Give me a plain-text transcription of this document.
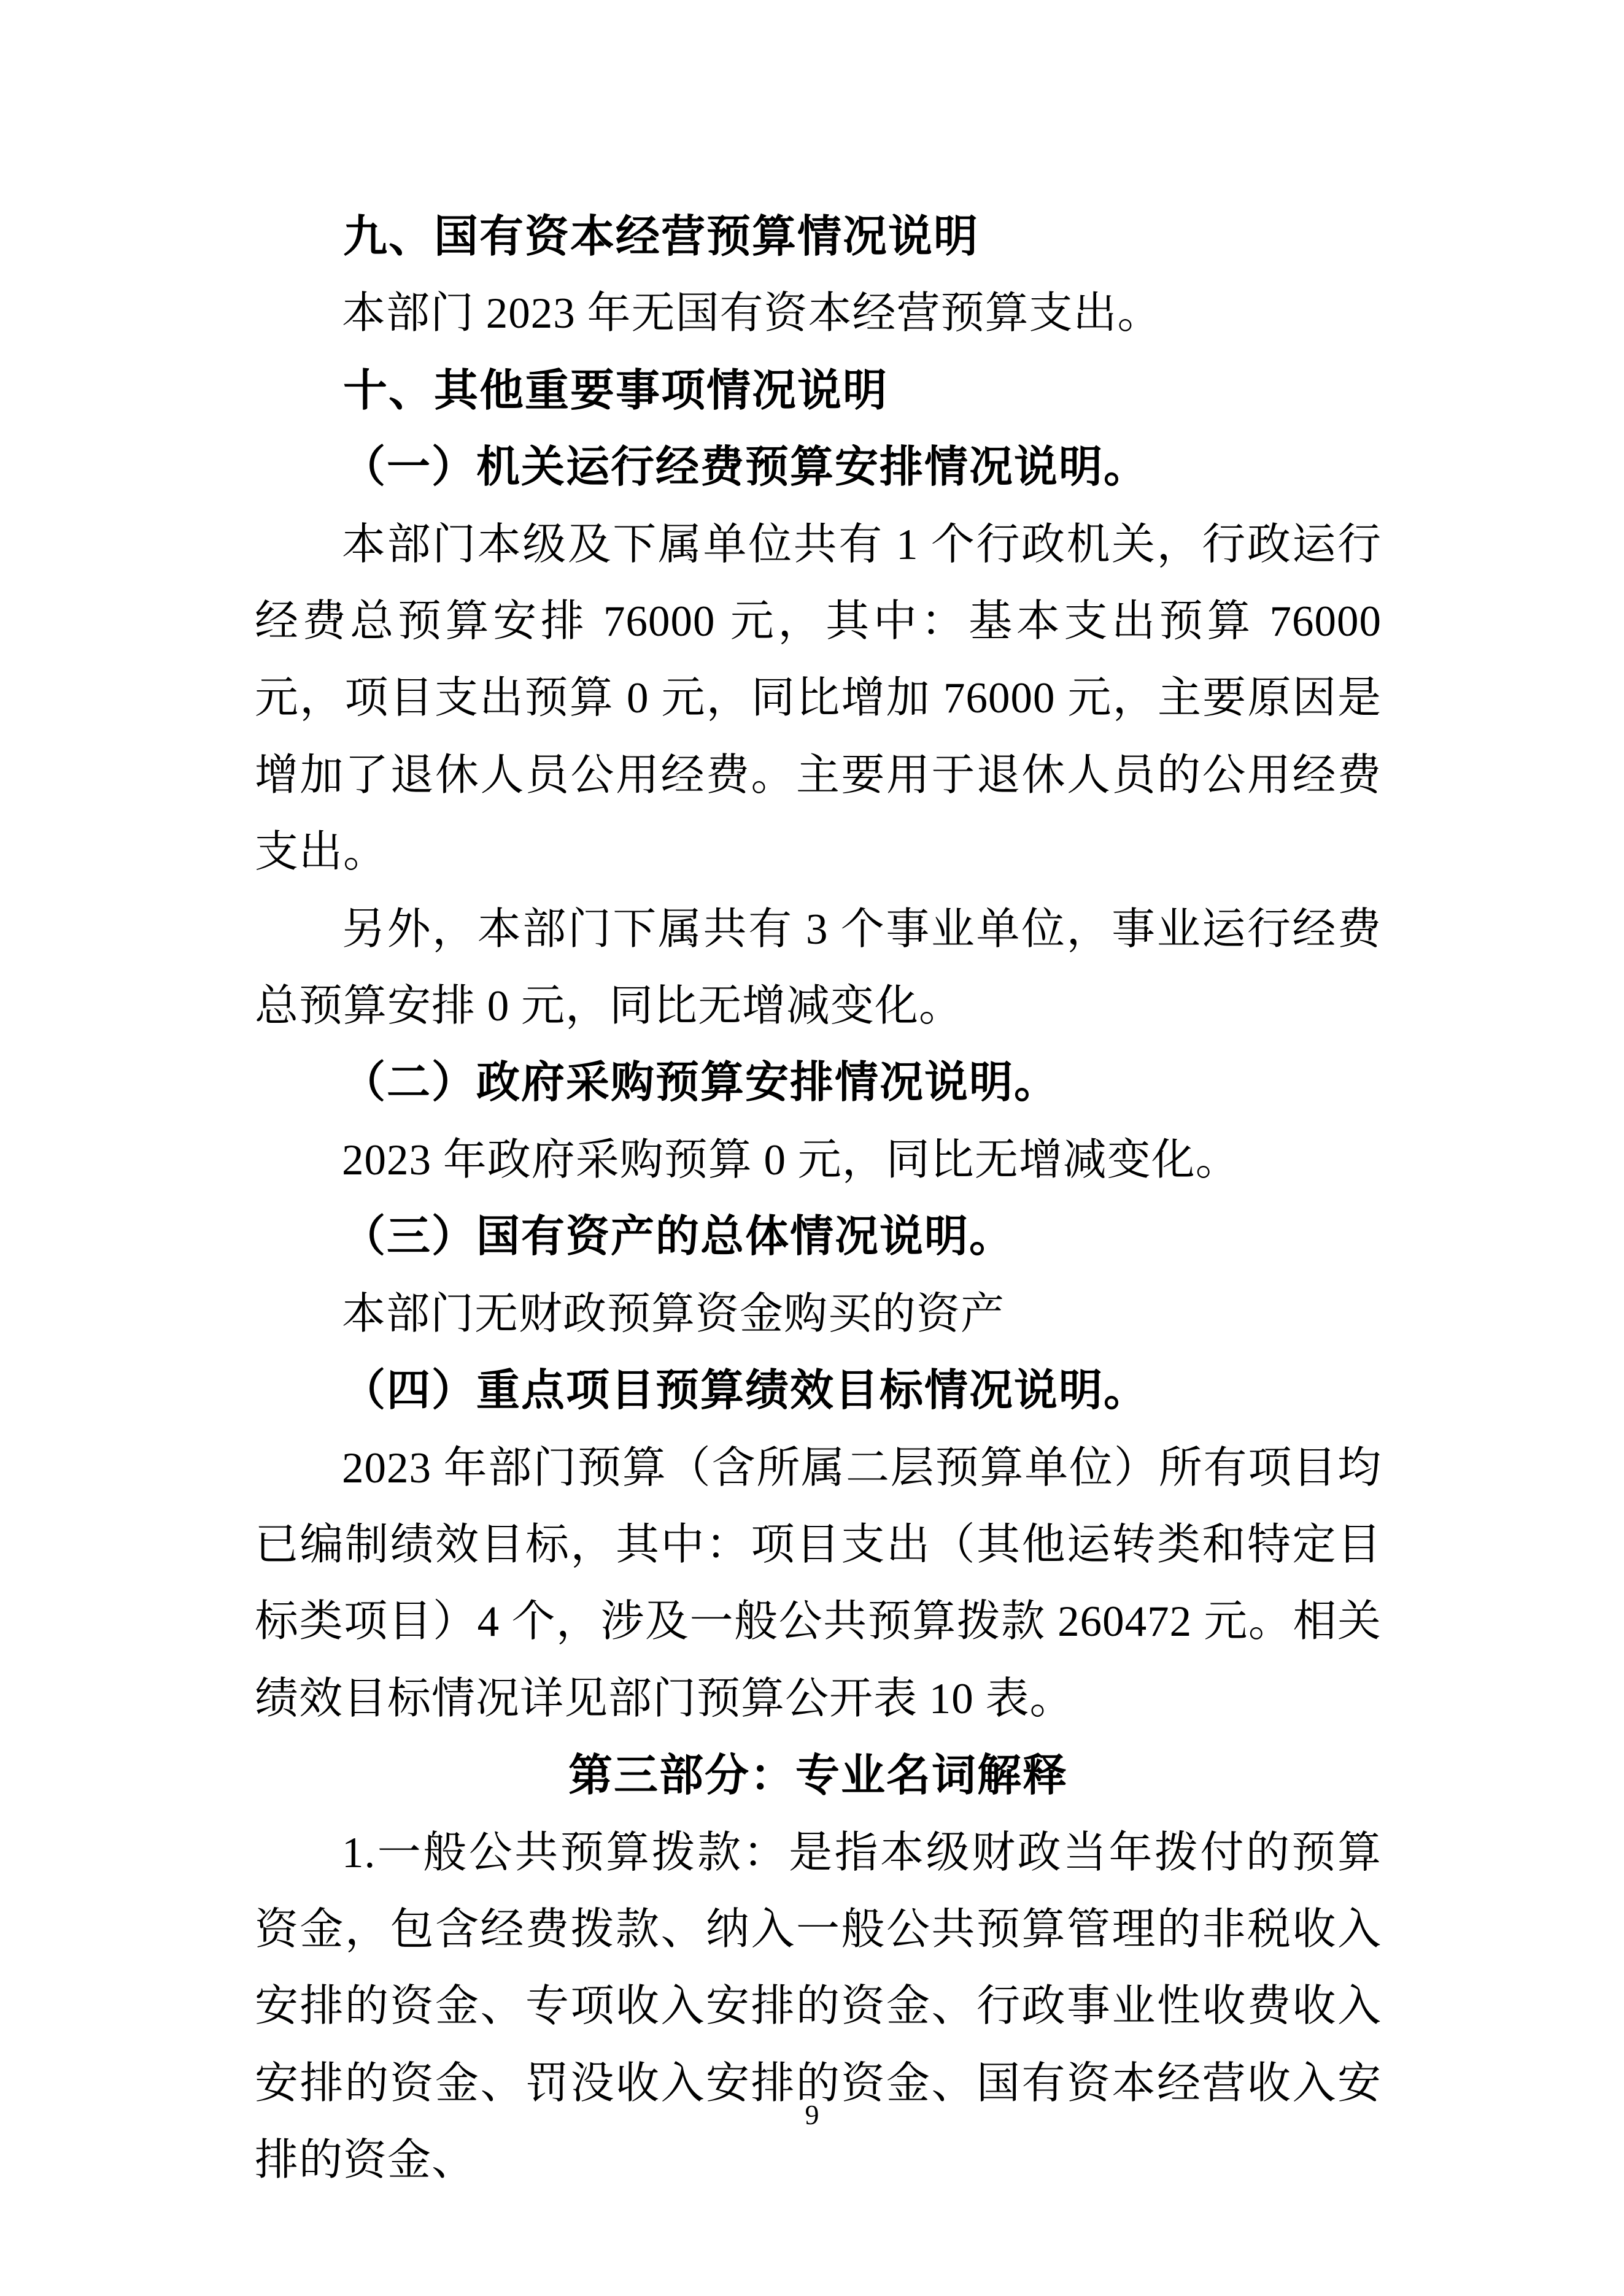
九、国有资本经营预算情况说明

本部门 2023 年无国有资本经营预算支出。

十、其他重要事项情况说明

（一）机关运行经费预算安排情况说明。

本部门本级及下属单位共有 1 个行政机关，行政运行经费总预算安排 76000 元，其中：基本支出预算 76000 元，项目支出预算 0 元，同比增加 76000 元，主要原因是增加了退休人员公用经费。主要用于退休人员的公用经费支出。

另外，本部门下属共有 3 个事业单位，事业运行经费总预算安排 0 元，同比无增减变化。

（二）政府采购预算安排情况说明。

2023 年政府采购预算 0 元，同比无增减变化。

（三）国有资产的总体情况说明。

本部门无财政预算资金购买的资产

（四）重点项目预算绩效目标情况说明。

2023 年部门预算（含所属二层预算单位）所有项目均已编制绩效目标，其中：项目支出（其他运转类和特定目标类项目）4 个，涉及一般公共预算拨款 260472 元。相关绩效目标情况详见部门预算公开表 10 表。

第三部分：专业名词解释

1.一般公共预算拨款：是指本级财政当年拨付的预算资金，包含经费拨款、纳入一般公共预算管理的非税收入安排的资金、专项收入安排的资金、行政事业性收费收入安排的资金、罚没收入安排的资金、国有资本经营收入安排的资金、

9
